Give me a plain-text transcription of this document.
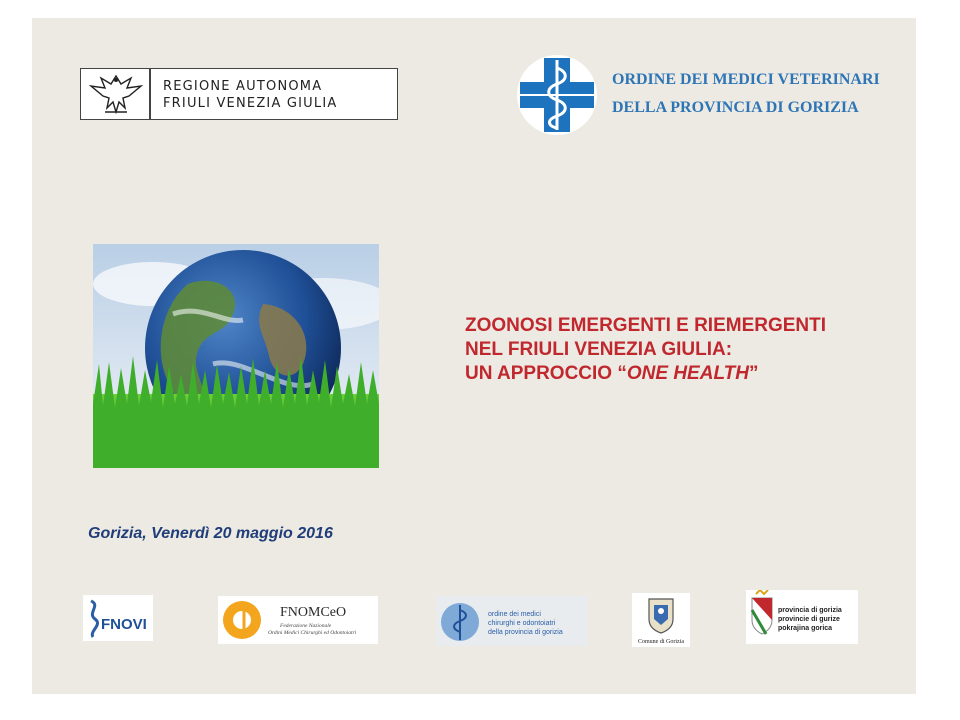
REGIONE AUTONOMA
FRIULI VENEZIA GIULIA
ORDINE DEI MEDICI VETERINARI
DELLA PROVINCIA DI GORIZIA
ZOONOSI EMERGENTI E RIEMERGENTI
NEL FRIULI VENEZIA GIULIA:
UN APPROCCIO “ONE HEALTH”
Gorizia, Venerdì 20 maggio 2016
FNOVI
FNOMCeO
Federazione Nazionale
Ordini Medici Chirurghi ed Odontoiatri
ordine dei medici
chirurghi e odontoiatri
della provincia di gorizia
Comune di Gorizia
provincia di gorizia
provincie di gurize
pokrajina gorica
